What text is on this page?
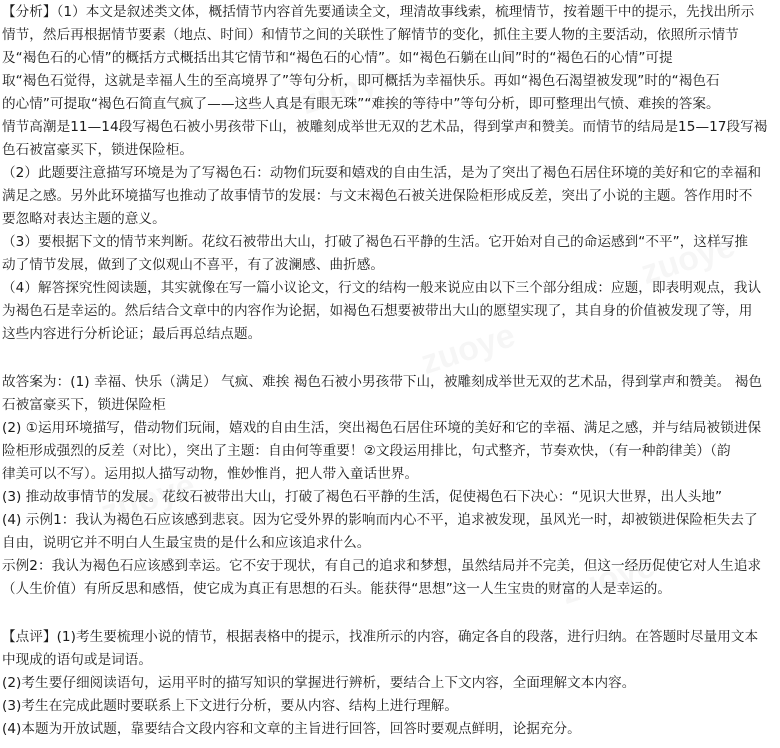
【分析】（1）本文是叙述类文体，概括情节内容首先要通读全文，理清故事线索，梳理情节，按着题干中的提示，先找出所示
情节，然后再根据情节要素（地点、时间）和情节之间的关联性了解情节的变化，抓住主要人物的主要活动，依照所示情节
及“褐色石的心情”的概括方式概括出其它情节和“褐色石的心情”。如“褐色石躺在山间”时的“褐色石的心情”可提
取“褐色石觉得，这就是幸福人生的至高境界了”等句分析，即可概括为幸福快乐。再如“褐色石渴望被发现”时的“褐色石
的心情”可提取“褐色石简直气疯了——这些人真是有眼无珠”“难挨的等待中”等句分析，即可整理出气愤、难挨的答案。
情节高潮是11—14段写褐色石被小男孩带下山，被雕刻成举世无双的艺术品，得到掌声和赞美。而情节的结局是15—17段写褐
色石被富豪买下，锁进保险柜。
（2）此题要注意描写环境是为了写褐色石：动物们玩耍和嬉戏的自由生活，是为了突出了褐色石居住环境的美好和它的幸福和
满足之感。另外此环境描写也推动了故事情节的发展：与文末褐色石被关进保险柜形成反差，突出了小说的主题。答作用时不
要忽略对表达主题的意义。
（3）要根据下文的情节来判断。花纹石被带出大山，打破了褐色石平静的生活。它开始对自己的命运感到“不平”，这样写推
动了情节发展，做到了文似观山不喜平，有了波澜感、曲折感。
（4）解答探究性阅读题，其实就像在写一篇小议论文，行文的结构一般来说应由以下三个部分组成：应题，即表明观点，我认
为褐色石是幸运的。然后结合文章中的内容作为论据，如褐色石想要被带出大山的愿望实现了，其自身的价值被发现了等，用
这些内容进行分析论证；最后再总结点题。
故答案为：(1) 幸福、快乐（满足） 气疯、难挨 褐色石被小男孩带下山，被雕刻成举世无双的艺术品，得到掌声和赞美。 褐色
石被富豪买下，锁进保险柜
(2) ①运用环境描写，借动物们玩闹，嬉戏的自由生活，突出褐色石居住环境的美好和它的幸福、满足之感，并与结局被锁进保
险柜形成强烈的反差（对比），突出了主题：自由何等重要！②文段运用排比，句式整齐，节奏欢快，（有一种韵律美）（韵
律美可以不写）。运用拟人描写动物，惟妙惟肖，把人带入童话世界。
(3) 推动故事情节的发展。花纹石被带出大山，打破了褐色石平静的生活，促使褐色石下决心：“见识大世界，出人头地”
(4) 示例1：我认为褐色石应该感到悲哀。因为它受外界的影响而内心不平，追求被发现，虽风光一时，却被锁进保险柜失去了
自由，说明它并不明白人生最宝贵的是什么和应该追求什么。
示例2：我认为褐色石应该感到幸运。它不安于现状，有自己的追求和梦想，虽然结局并不完美，但这一经历促使它对人生追求
（人生价值）有所反思和感悟，使它成为真正有思想的石头。能获得“思想”这一人生宝贵的财富的人是幸运的。
【点评】(1)考生要梳理小说的情节，根据表格中的提示，找准所示的内容，确定各自的段落，进行归纳。在答题时尽量用文本
中现成的语句或是词语。
(2)考生要仔细阅读语句，运用平时的描写知识的掌握进行辨析，要结合上下文内容，全面理解文本内容。
(3)考生在完成此题时要联系上下文进行分析，要从内容、结构上进行理解。
(4)本题为开放试题，靠要结合文段内容和文章的主旨进行回答，回答时要观点鲜明，论据充分。
